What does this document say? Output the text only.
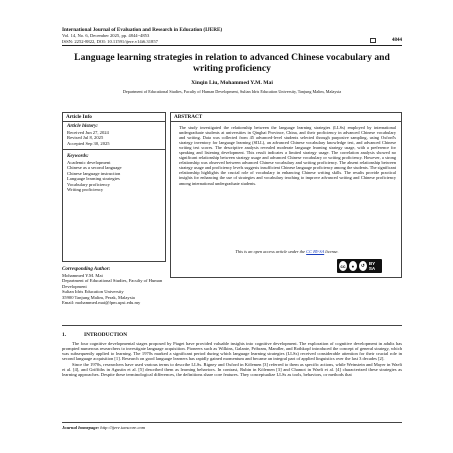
International Journal of Evaluation and Research in Education (IJERE)
Vol. 14, No. 6, December 2025, pp. 4844~4853
ISSN: 2252-8822, DOI: 10.11591/ijere.v14i6.31857	4844
Language learning strategies in relation to advanced Chinese vocabulary and writing proficiency
Xinqin Liu, Mohammed Y.M. Mai
Department of Educational Studies, Faculty of Human Development, Sultan Idris Education University, Tanjung Malim, Malaysia
Article Info
Article history:
Received Jun 27, 2024
Revised Jul 8, 2025
Accepted Sep 30, 2025
Keywords:
Academic development
Chinese as a second language
Chinese language instruction
Language learning strategies
Vocabulary proficiency
Writing proficiency
ABSTRACT
The study investigated the relationship between the language learning strategies (LLSs) employed by international undergraduate students at universities in Qinghai Province, China, and their proficiency in advanced Chinese vocabulary and writing. Data was collected from 45 advanced-level students selected through purposive sampling, using Oxford's strategy inventory for language learning (SILL), an advanced Chinese vocabulary knowledge test, and advanced Chinese writing test scores. The descriptive analysis revealed moderate language learning strategy usage, with a preference for speaking and listening development. This result indicates a limited strategy usage. The correlation analysis showed no significant relationship between strategy usage and advanced Chinese vocabulary or writing proficiency. However, a strong relationship was observed between advanced Chinese vocabulary and writing proficiency. The absent relationship between strategy usage and proficiency levels suggests insufficient Chinese language proficiency among the students. The significant relationship highlights the crucial role of vocabulary in enhancing Chinese writing skills. The results provide practical insights for enhancing the use of strategies and vocabulary teaching to improve advanced writing and Chinese proficiency among international undergraduate students.
This is an open access article under the CC BY-SA license.
cc	●	↺ BY SA
Corresponding Author:
Mohammed Y.M. Mai
Department of Educational Studies, Faculty of Human Development
Sultan Idris Education University
35900 Tanjung Malim, Perak, Malaysia
Email: mohammed.mai@fpm.upsi.edu.my
1.	INTRODUCTION

The four cognitive developmental stages proposed by Piaget have provided valuable insights into cognitive development. The exploration of cognitive development in adults has prompted numerous researchers to investigate language acquisition. Pioneers such as Wilkins, Galante, Pribram, Mandler, and Rothkopf introduced the concept of general strategy, which was subsequently applied to learning. The 1970s marked a significant period during which language learning strategies (LLSs) received considerable attention for their crucial role in second language acquisition [1]. Research on good language learners has rapidly gained momentum and became an integral part of applied linguistics over the last 3 decades [2].

Since the 1970s, researchers have used various terms to describe LLSs. Rigney and Oxford in Kölemen [3] referred to them as specific actions, while Weinstein and Mayer in Waeli et al. [4], and Griffiths in Agustin et al. [5] described them as learning behaviors. In contrast, Rubin in Kölemen [3] and Chamot in Waeli et al. [4] characterized these strategies as learning approaches. Despite these terminological differences, the definitions share core features. They conceptualize LLSs as tools, behaviors, or methods that

Journal homepage: http://ijere.iaescore.com
